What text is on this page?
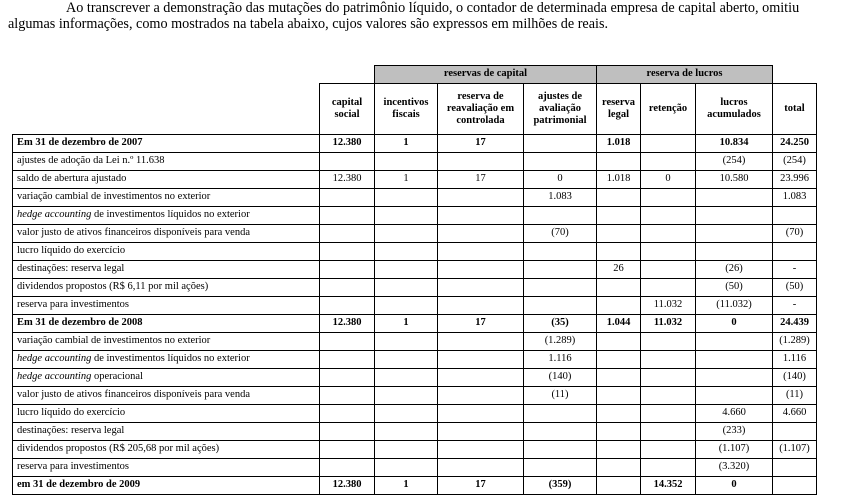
Ao transcrever a demonstração das mutações do patrimônio líquido, o contador de determinada empresa de capital aberto, omitiu

algumas informações, como mostrados na tabela abaixo, cujos valores são expressos em milhões de reais.

		reservas de capital			reserva de lucros			
	capital social	incentivos fiscais	reserva de reavaliação em controlada	ajustes de avaliação patrimonial	reserva legal	retenção	lucros acumulados	total
Em 31 de dezembro de 2007	12.380	1	17		1.018		10.834	24.250
ajustes de adoção da Lei n.º 11.638							(254)	(254)
saldo de abertura ajustado	12.380	1	17	0	1.018	0	10.580	23.996
variação cambial de investimentos no exterior				1.083				1.083
hedge accounting de investimentos líquidos no exterior								
valor justo de ativos financeiros disponíveis para venda				(70)				(70)
lucro líquido do exercício								
destinações: reserva legal					26		(26)	-
dividendos propostos (R$ 6,11 por mil ações)							(50)	(50)
reserva para investimentos						11.032	(11.032)	-
Em 31 de dezembro de 2008	12.380	1	17	(35)	1.044	11.032	0	24.439
variação cambial de investimentos no exterior				(1.289)				(1.289)
hedge accounting de investimentos líquidos no exterior				1.116				1.116
hedge accounting operacional				(140)				(140)
valor justo de ativos financeiros disponíveis para venda				(11)				(11)
lucro líquido do exercício							4.660	4.660
destinações: reserva legal							(233)	
dividendos propostos (R$ 205,68 por mil ações)							(1.107)	(1.107)
reserva para investimentos							(3.320)	
em 31 de dezembro de 2009	12.380	1	17	(359)		14.352	0	
